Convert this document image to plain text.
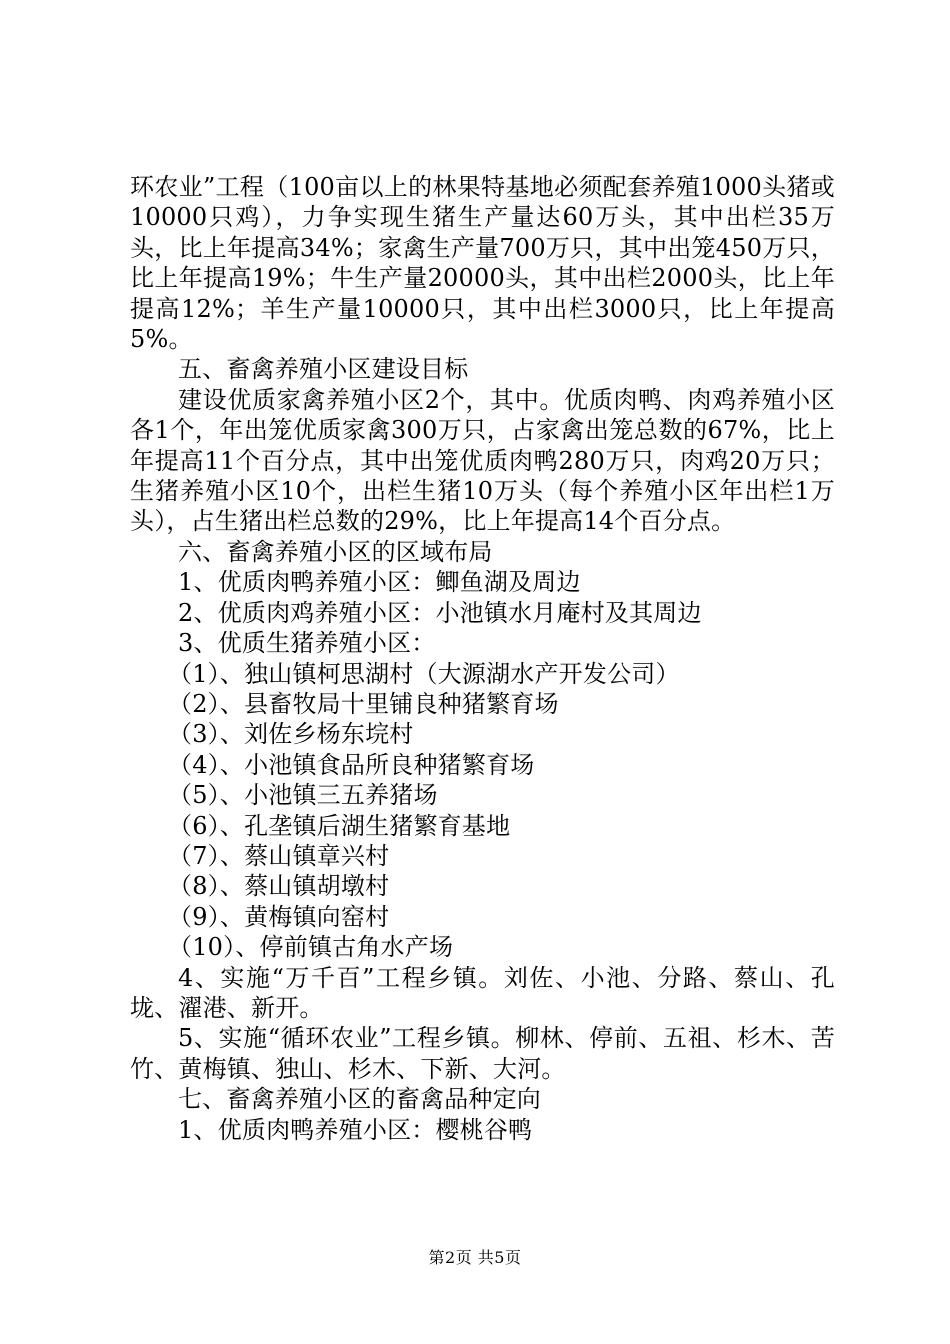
环农业”工程（100亩以上的林果特基地必须配套养殖1000头猪或10000只鸡），力争实现生猪生产量达60万头，其中出栏35万头，比上年提高34%；家禽生产量700万只，其中出笼450万只，比上年提高19%；牛生产量20000头，其中出栏2000头，比上年提高12%；羊生产量10000只，其中出栏3000只，比上年提高5%。

五、畜禽养殖小区建设目标

建设优质家禽养殖小区2个，其中。优质肉鸭、肉鸡养殖小区各1个，年出笼优质家禽300万只，占家禽出笼总数的67%，比上年提高11个百分点，其中出笼优质肉鸭280万只，肉鸡20万只；生猪养殖小区10个，出栏生猪10万头（每个养殖小区年出栏1万头），占生猪出栏总数的29%，比上年提高14个百分点。

六、畜禽养殖小区的区域布局

1、优质肉鸭养殖小区：鲫鱼湖及周边

2、优质肉鸡养殖小区：小池镇水月庵村及其周边

3、优质生猪养殖小区：

（1）、独山镇柯思湖村（大源湖水产开发公司）

（2）、县畜牧局十里铺良种猪繁育场

（3）、刘佐乡杨东垸村

（4）、小池镇食品所良种猪繁育场

（5）、小池镇三五养猪场

（6）、孔垄镇后湖生猪繁育基地

（7）、蔡山镇章兴村

（8）、蔡山镇胡墩村

（9）、黄梅镇向窑村

（10）、停前镇古角水产场

4、实施“万千百”工程乡镇。刘佐、小池、分路、蔡山、孔垅、濯港、新开。

5、实施“循环农业”工程乡镇。柳林、停前、五祖、杉木、苦竹、黄梅镇、独山、杉木、下新、大河。

七、畜禽养殖小区的畜禽品种定向

1、优质肉鸭养殖小区：樱桃谷鸭

第2页 共5页
